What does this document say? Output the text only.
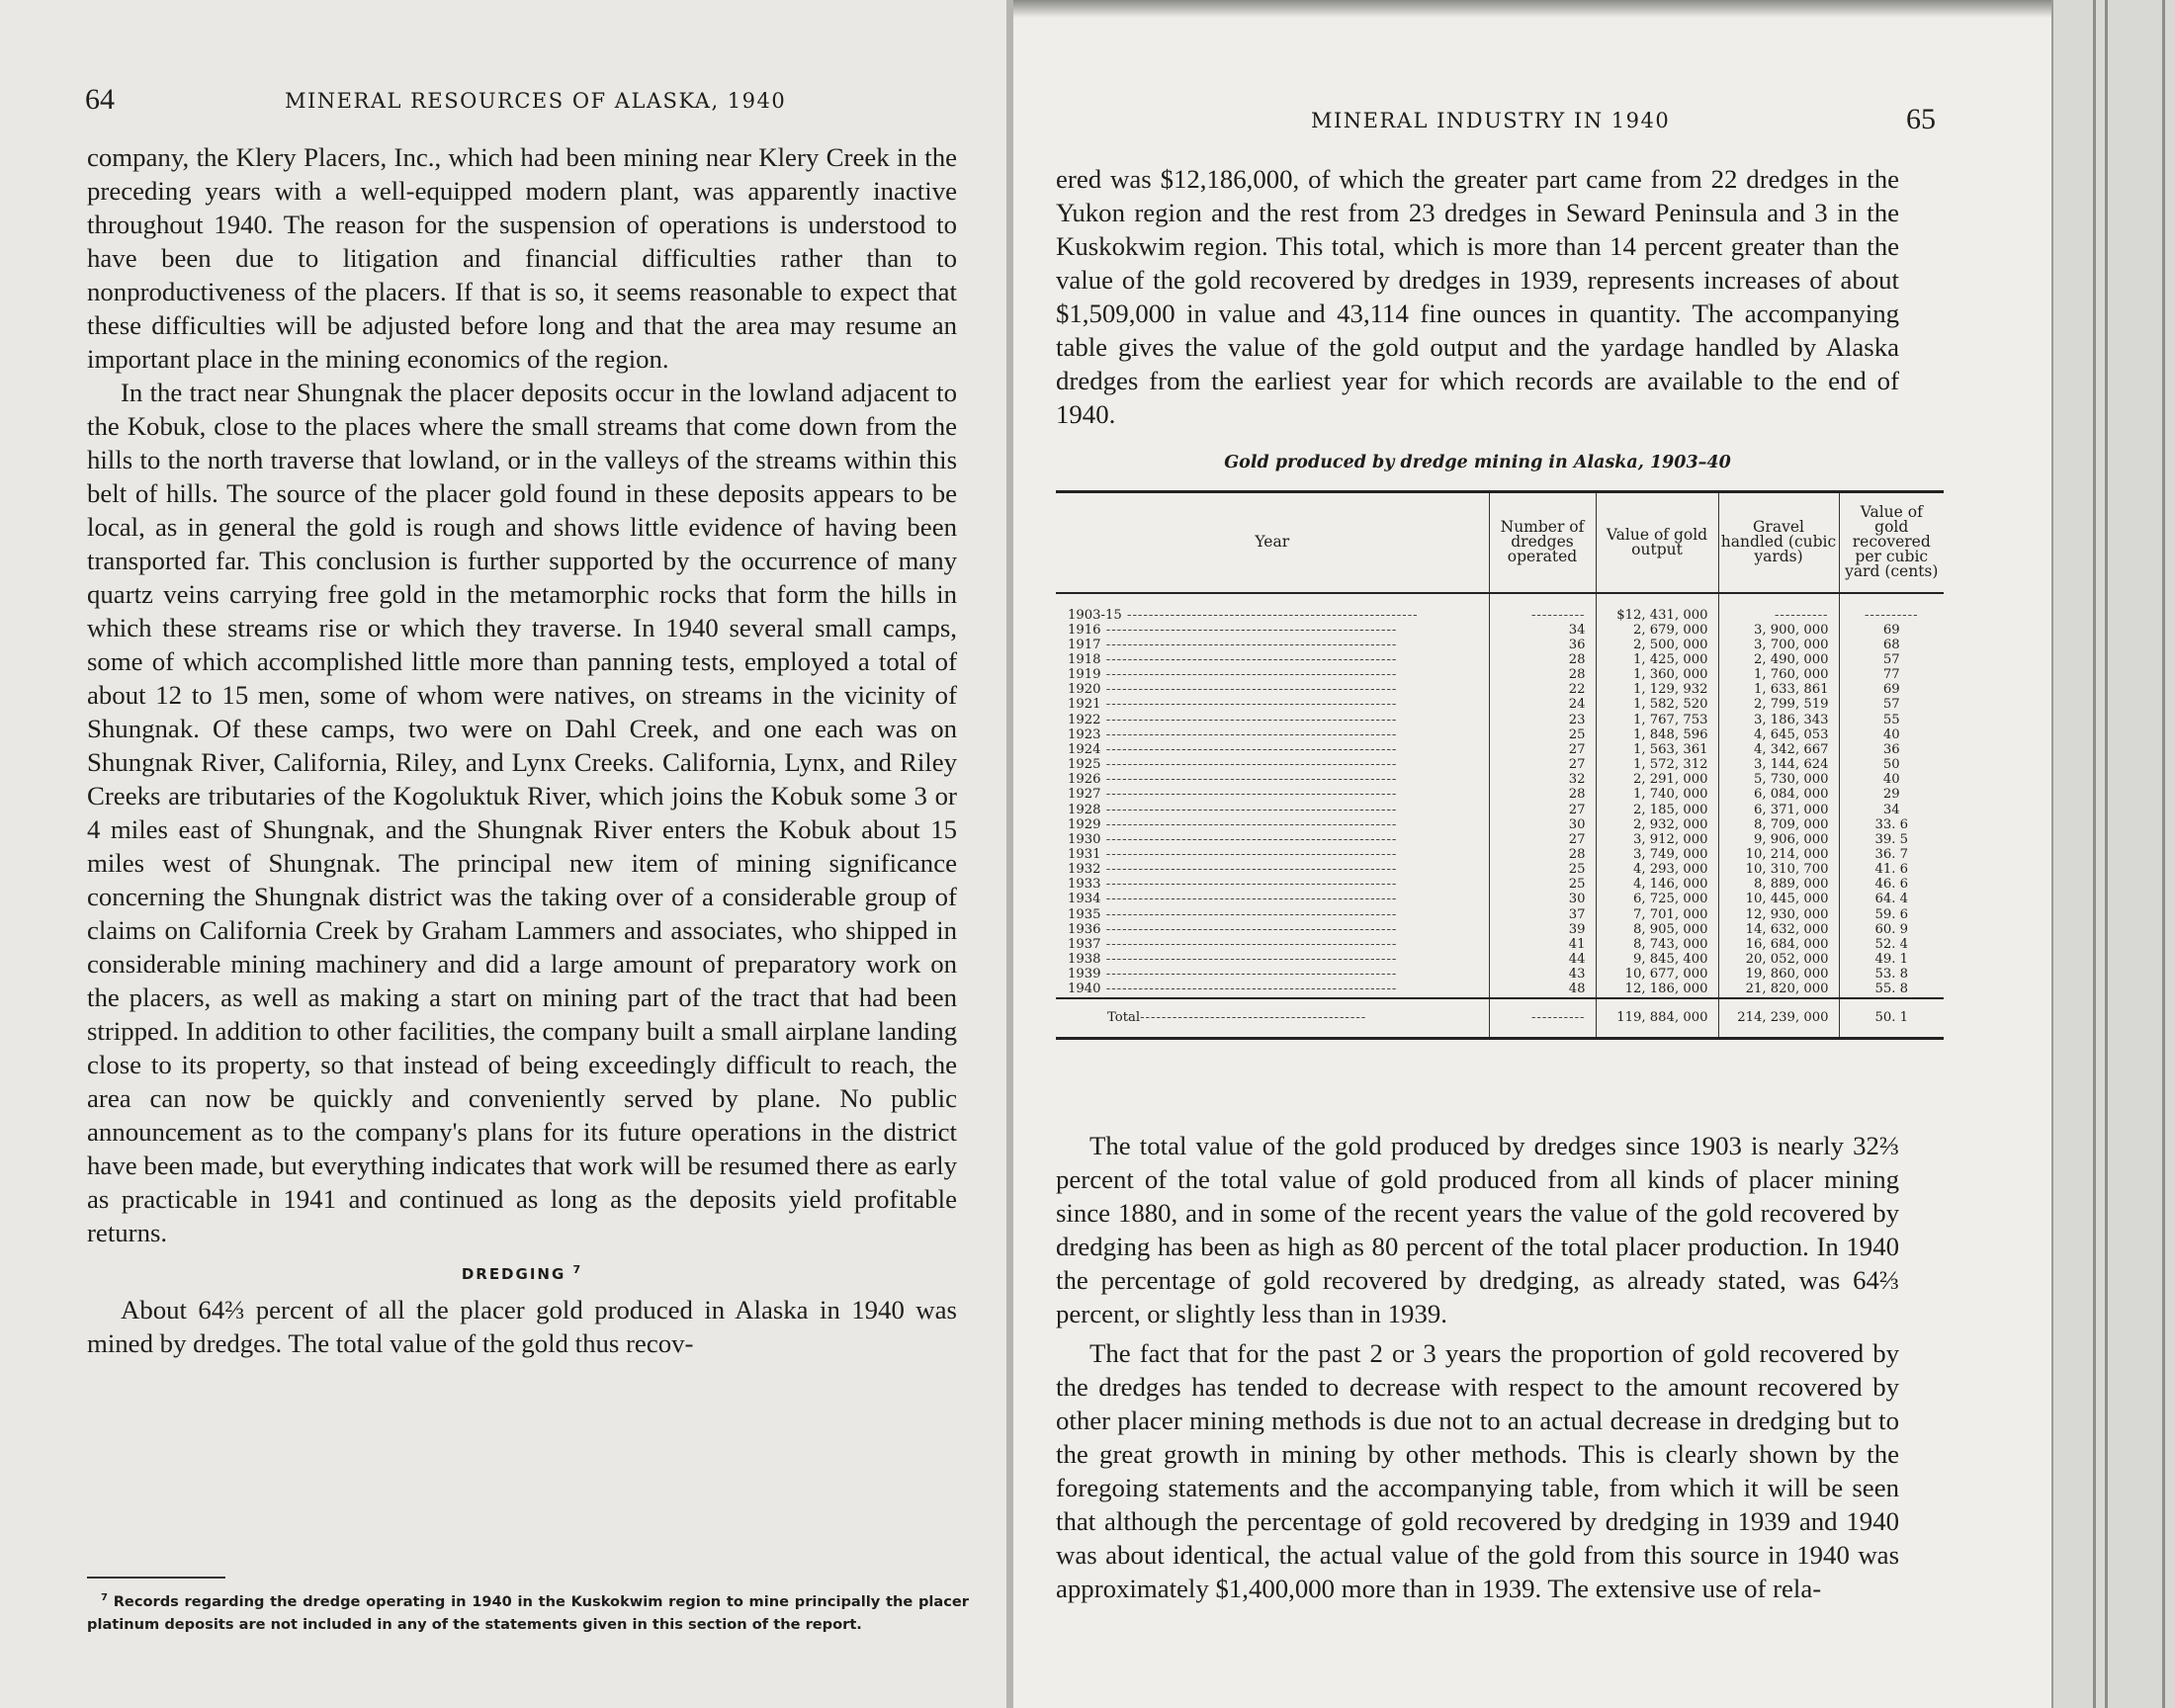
64	MINERAL RESOURCES OF ALASKA, 1940

company, the Klery Placers, Inc., which had been mining near Klery Creek in the preceding years with a well-equipped modern plant, was apparently inactive throughout 1940. The reason for the suspension of operations is understood to have been due to litigation and financial difficulties rather than to nonproductiveness of the placers. If that is so, it seems reasonable to expect that these difficulties will be adjusted before long and that the area may resume an important place in the mining economics of the region.

In the tract near Shungnak the placer deposits occur in the lowland adjacent to the Kobuk, close to the places where the small streams that come down from the hills to the north traverse that lowland, or in the valleys of the streams within this belt of hills. The source of the placer gold found in these deposits appears to be local, as in general the gold is rough and shows little evidence of having been transported far. This conclusion is further supported by the occurrence of many quartz veins carrying free gold in the metamorphic rocks that form the hills in which these streams rise or which they traverse. In 1940 several small camps, some of which accomplished little more than panning tests, employed a total of about 12 to 15 men, some of whom were natives, on streams in the vicinity of Shungnak. Of these camps, two were on Dahl Creek, and one each was on Shungnak River, California, Riley, and Lynx Creeks. California, Lynx, and Riley Creeks are tributaries of the Kogoluktuk River, which joins the Kobuk some 3 or 4 miles east of Shungnak, and the Shungnak River enters the Kobuk about 15 miles west of Shungnak. The principal new item of mining significance concerning the Shungnak district was the taking over of a considerable group of claims on California Creek by Graham Lammers and associates, who shipped in considerable mining machinery and did a large amount of preparatory work on the placers, as well as making a start on mining part of the tract that had been stripped. In addition to other facilities, the company built a small airplane landing close to its property, so that instead of being exceedingly difficult to reach, the area can now be quickly and conveniently served by plane. No public announcement as to the company's plans for its future operations in the district have been made, but everything indicates that work will be resumed there as early as practicable in 1941 and continued as long as the deposits yield profitable returns.

DREDGING $^7$

About 64⅔ percent of all the placer gold produced in Alaska in 1940 was mined by dredges. The total value of the gold thus recov-

$^7$ Records regarding the dredge operating in 1940 in the Kuskokwim region to mine principally the placer platinum deposits are not included in any of the statements given in this section of the report.
MINERAL INDUSTRY IN 1940	65

ered was $12,186,000, of which the greater part came from 22 dredges in the Yukon region and the rest from 23 dredges in Seward Peninsula and 3 in the Kuskokwim region. This total, which is more than 14 percent greater than the value of the gold recovered by dredges in 1939, represents increases of about $1,509,000 in value and 43,114 fine ounces in quantity. The accompanying table gives the value of the gold output and the yardage handled by Alaska dredges from the earliest year for which records are available to the end of 1940.

Gold produced by dredge mining in Alaska, 1903–40
Year	Number of dredges operated	Value of gold output	Gravel handled (cubic yards)	Value of gold recovered per cubic yard (cents)

1903-15 ------------------------------------------------------	----------	$12, 431, 000	----------	----------
1916 ------------------------------------------------------	34	2, 679, 000	3, 900, 000	69
1917 ------------------------------------------------------	36	2, 500, 000	3, 700, 000	68
1918 ------------------------------------------------------	28	1, 425, 000	2, 490, 000	57
1919 ------------------------------------------------------	28	1, 360, 000	1, 760, 000	77
1920 ------------------------------------------------------	22	1, 129, 932	1, 633, 861	69
1921 ------------------------------------------------------	24	1, 582, 520	2, 799, 519	57
1922 ------------------------------------------------------	23	1, 767, 753	3, 186, 343	55
1923 ------------------------------------------------------	25	1, 848, 596	4, 645, 053	40
1924 ------------------------------------------------------	27	1, 563, 361	4, 342, 667	36
1925 ------------------------------------------------------	27	1, 572, 312	3, 144, 624	50
1926 ------------------------------------------------------	32	2, 291, 000	5, 730, 000	40
1927 ------------------------------------------------------	28	1, 740, 000	6, 084, 000	29
1928 ------------------------------------------------------	27	2, 185, 000	6, 371, 000	34
1929 ------------------------------------------------------	30	2, 932, 000	8, 709, 000	33. 6
1930 ------------------------------------------------------	27	3, 912, 000	9, 906, 000	39. 5
1931 ------------------------------------------------------	28	3, 749, 000	10, 214, 000	36. 7
1932 ------------------------------------------------------	25	4, 293, 000	10, 310, 700	41. 6
1933 ------------------------------------------------------	25	4, 146, 000	8, 889, 000	46. 6
1934 ------------------------------------------------------	30	6, 725, 000	10, 445, 000	64. 4
1935 ------------------------------------------------------	37	7, 701, 000	12, 930, 000	59. 6
1936 ------------------------------------------------------	39	8, 905, 000	14, 632, 000	60. 9
1937 ------------------------------------------------------	41	8, 743, 000	16, 684, 000	52. 4
1938 ------------------------------------------------------	44	9, 845, 400	20, 052, 000	49. 1
1939 ------------------------------------------------------	43	10, 677, 000	19, 860, 000	53. 8
1940 ------------------------------------------------------	48	12, 186, 000	21, 820, 000	55. 8
Total------------------------------------------	----------	119, 884, 000	214, 239, 000	50. 1

The total value of the gold produced by dredges since 1903 is nearly 32⅔ percent of the total value of gold produced from all kinds of placer mining since 1880, and in some of the recent years the value of the gold recovered by dredging has been as high as 80 percent of the total placer production. In 1940 the percentage of gold recovered by dredging, as already stated, was 64⅔ percent, or slightly less than in 1939.

The fact that for the past 2 or 3 years the proportion of gold recovered by the dredges has tended to decrease with respect to the amount recovered by other placer mining methods is due not to an actual decrease in dredging but to the great growth in mining by other methods. This is clearly shown by the foregoing statements and the accompanying table, from which it will be seen that although the percentage of gold recovered by dredging in 1939 and 1940 was about identical, the actual value of the gold from this source in 1940 was approximately $1,400,000 more than in 1939. The extensive use of rela-
